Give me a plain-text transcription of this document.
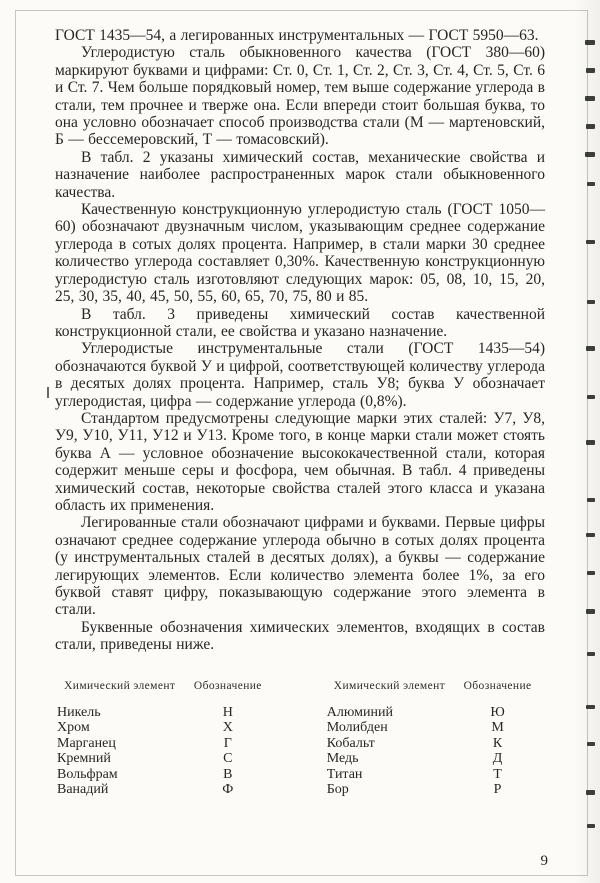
ГОСТ 1435—54, а легированных инструментальных — ГОСТ 5950—63.

Углеродистую сталь обыкновенного качества (ГОСТ 380—60) маркируют буквами и цифрами: Ст. 0, Ст. 1, Ст. 2, Ст. 3, Ст. 4, Ст. 5, Ст. 6 и Ст. 7. Чем больше порядковый номер, тем выше содержание углерода в стали, тем прочнее и тверже она. Если впереди стоит большая буква, то она условно обозначает способ производства стали (М — мартеновский, Б — бессемеровский, Т — томасовский).

В табл. 2 указаны химический состав, механические свойства и назначение наиболее распространенных марок стали обыкновенного качества.

Качественную конструкционную углеродистую сталь (ГОСТ 1050—60) обозначают двузначным числом, указывающим среднее содержание углерода в сотых долях процента. Например, в стали марки 30 среднее количество углерода составляет 0,30%. Качественную конструкционную углеродистую сталь изготовляют следующих марок: 05, 08, 10, 15, 20, 25, 30, 35, 40, 45, 50, 55, 60, 65, 70, 75, 80 и 85.

В табл. 3 приведены химический состав качественной конструкционной стали, ее свойства и указано назначение.

Углеродистые инструментальные стали (ГОСТ 1435—54) обозначаются буквой У и цифрой, соответствующей количеству углерода в десятых долях процента. Например, сталь У8; буква У обозначает углеродистая, цифра — содержание углерода (0,8%).

Стандартом предусмотрены следующие марки этих сталей: У7, У8, У9, У10, У11, У12 и У13. Кроме того, в конце марки стали может стоять буква А — условное обозначение высококачественной стали, которая содержит меньше серы и фосфора, чем обычная. В табл. 4 приведены химический состав, некоторые свойства сталей этого класса и указана область их применения.

Легированные стали обозначают цифрами и буквами. Первые цифры означают среднее содержание углерода обычно в сотых долях процента (у инструментальных сталей в десятых долях), а буквы — содержание легирующих элементов. Если количество элемента более 1%, за его буквой ставят цифру, показывающую содержание этого элемента в стали.

Буквенные обозначения химических элементов, входящих в состав стали, приведены ниже.

Химический элемент	Обозначение
Никель	Н
Хром	Х
Марганец	Г
Кремний	С
Вольфрам	В
Ванадий	Ф
Химический элемент	Обозначение
Алюминий	Ю
Молибден	М
Кобальт	К
Медь	Д
Титан	Т
Бор	Р
9
